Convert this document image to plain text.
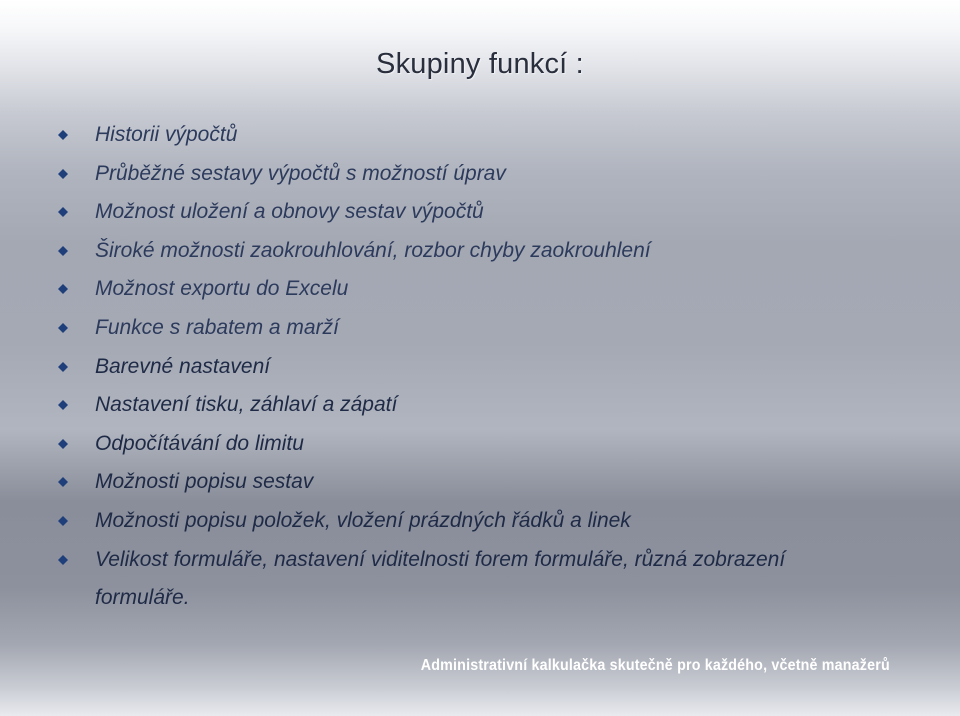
Skupiny funkcí :
Historii výpočtů
Průběžné sestavy výpočtů s možností úprav
Možnost uložení a obnovy sestav výpočtů
Široké možnosti zaokrouhlování, rozbor chyby zaokrouhlení
Možnost exportu do Excelu
Funkce s rabatem a marží
Barevné nastavení
Nastavení tisku, záhlaví a zápatí
Odpočítávání do limitu
Možnosti popisu sestav
Možnosti popisu položek, vložení prázdných řádků a linek
Velikost formuláře, nastavení viditelnosti forem formuláře, různá zobrazení formuláře.

Administrativní kalkulačka skutečně pro každého, včetně manažerů
